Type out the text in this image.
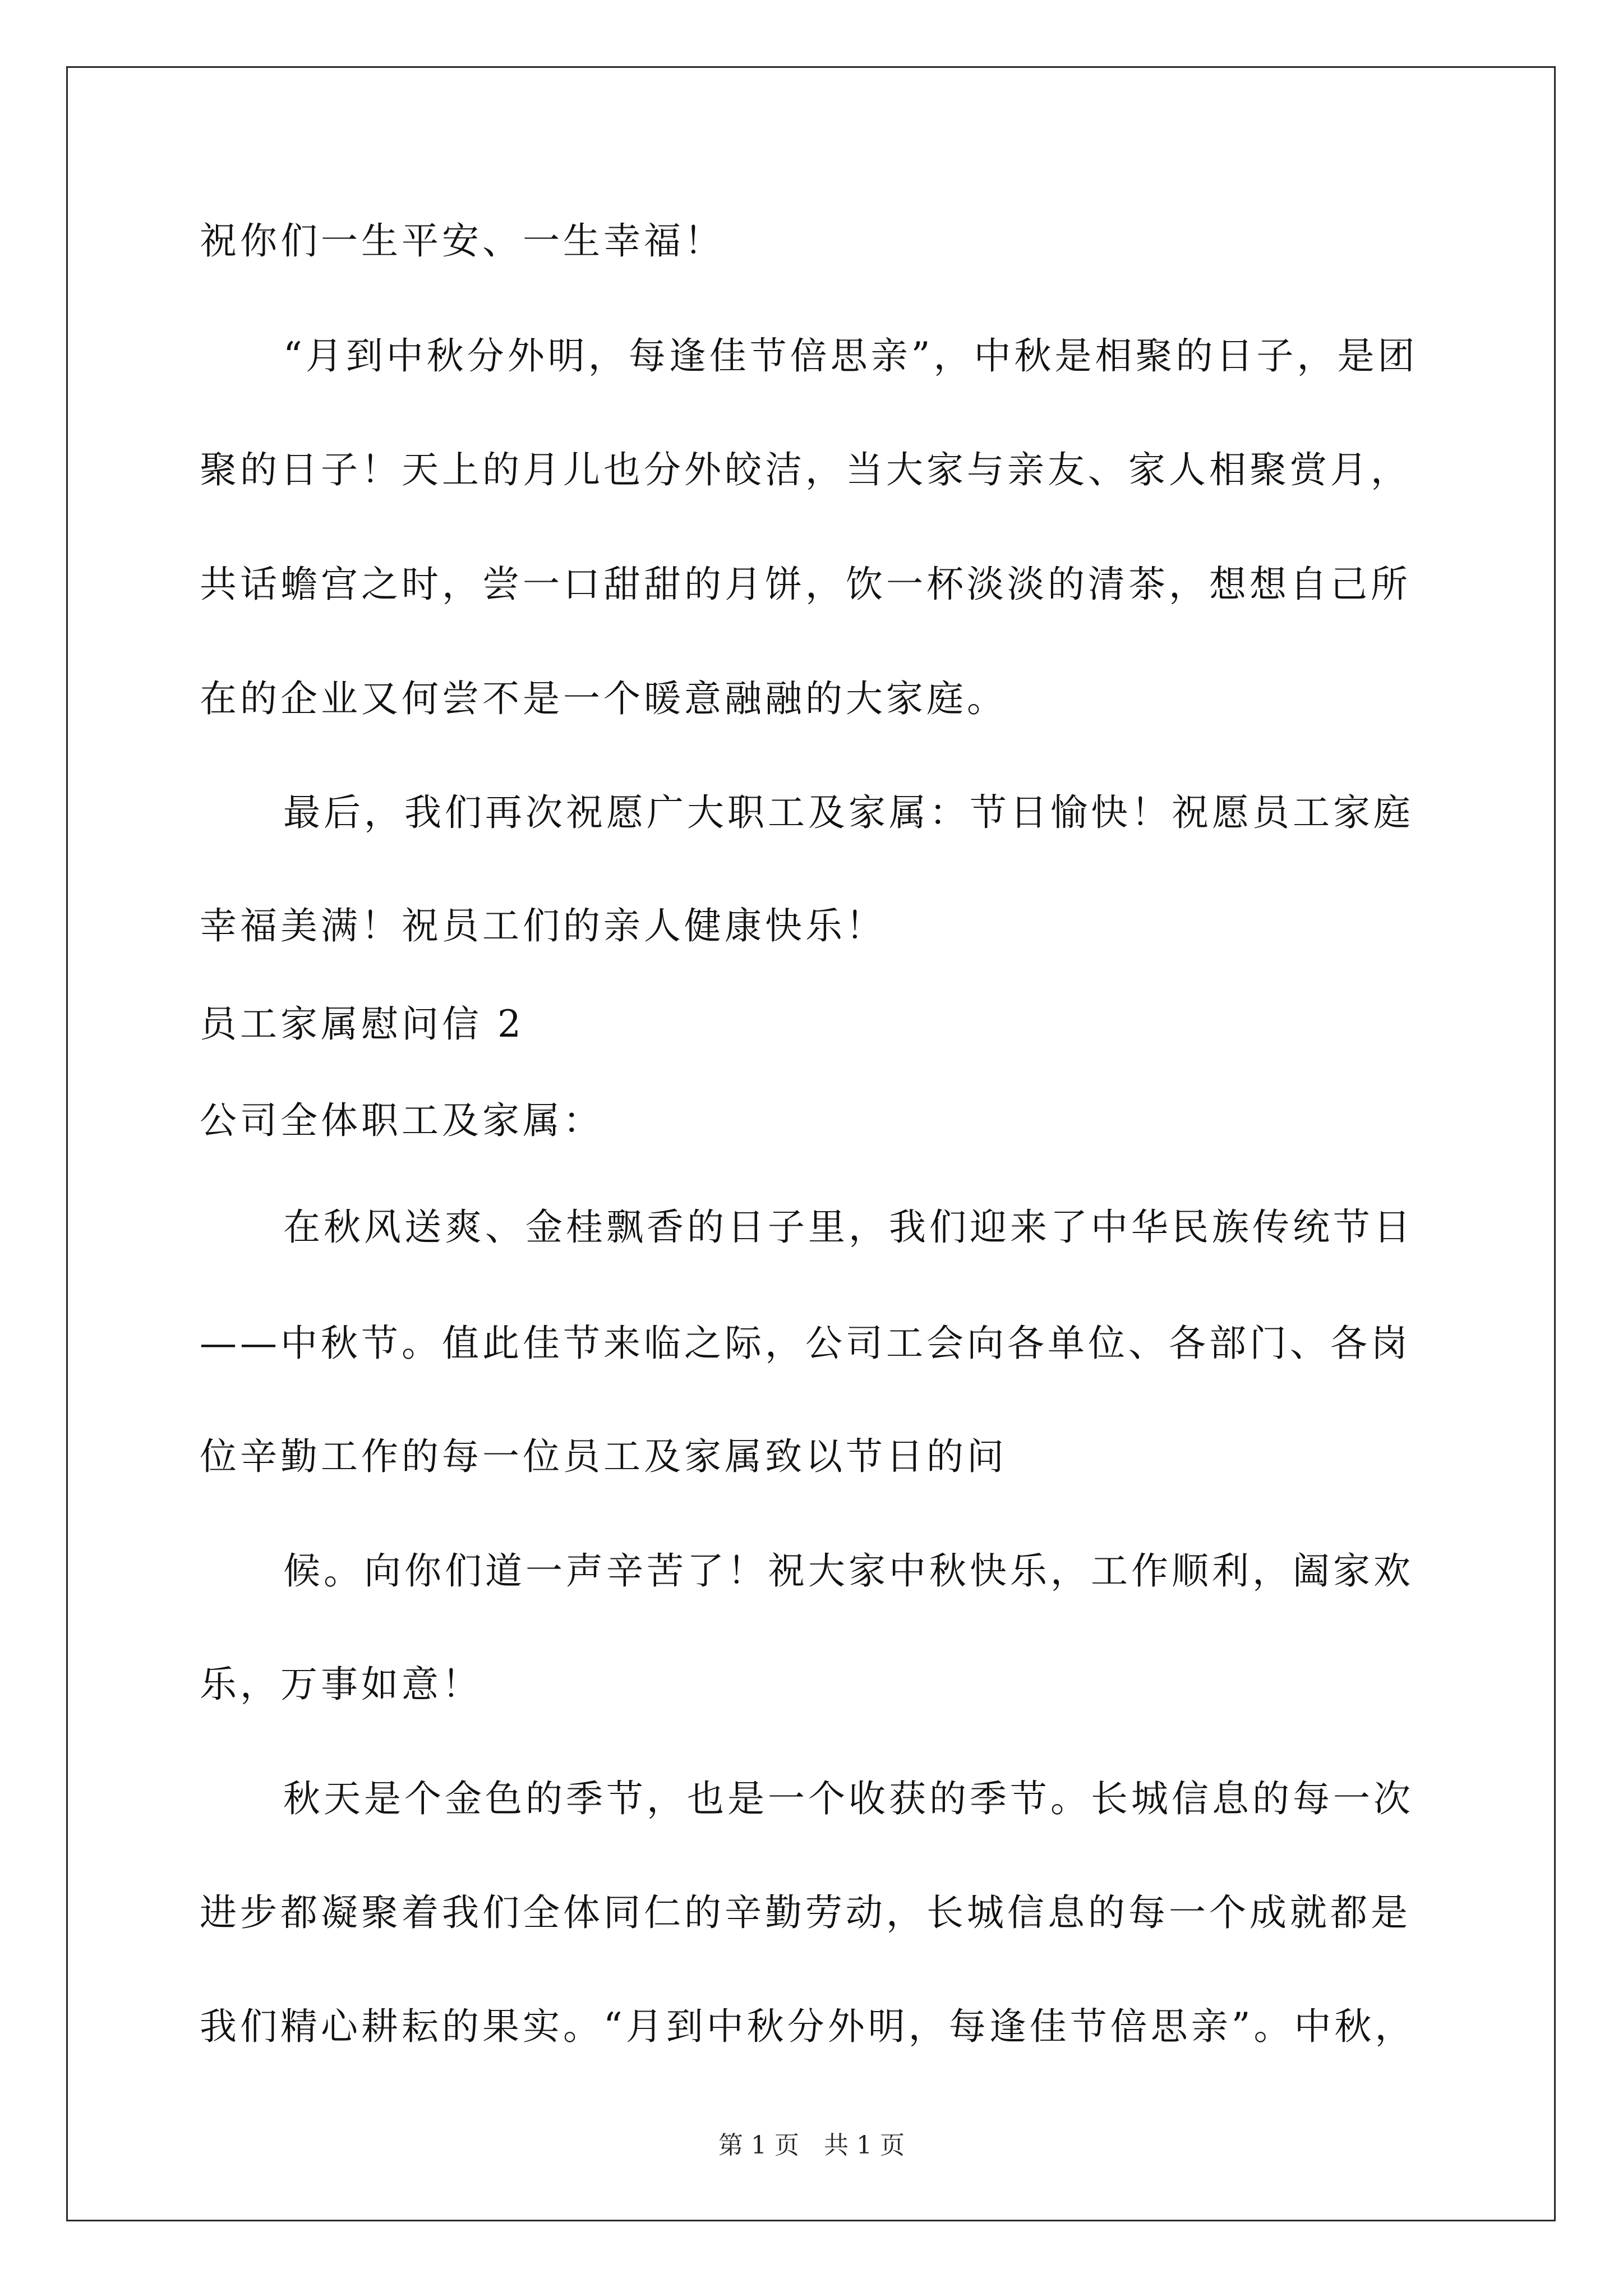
祝你们一生平安、一生幸福！
“月到中秋分外明，每逢佳节倍思亲”，中秋是相聚的日子，是团
聚的日子！天上的月儿也分外皎洁，当大家与亲友、家人相聚赏月，
共话蟾宫之时，尝一口甜甜的月饼，饮一杯淡淡的清茶，想想自己所
在的企业又何尝不是一个暖意融融的大家庭。
最后，我们再次祝愿广大职工及家属：节日愉快！祝愿员工家庭
幸福美满！祝员工们的亲人健康快乐！
员工家属慰问信 2
公司全体职工及家属：
在秋风送爽、金桂飘香的日子里，我们迎来了中华民族传统节日
——中秋节。值此佳节来临之际，公司工会向各单位、各部门、各岗
位辛勤工作的每一位员工及家属致以节日的问
候。向你们道一声辛苦了！祝大家中秋快乐，工作顺利，阖家欢
乐，万事如意！
秋天是个金色的季节，也是一个收获的季节。长城信息的每一次
进步都凝聚着我们全体同仁的辛勤劳动，长城信息的每一个成就都是
我们精心耕耘的果实。“月到中秋分外明，每逢佳节倍思亲”。中秋，
第 1 页　共 1 页
